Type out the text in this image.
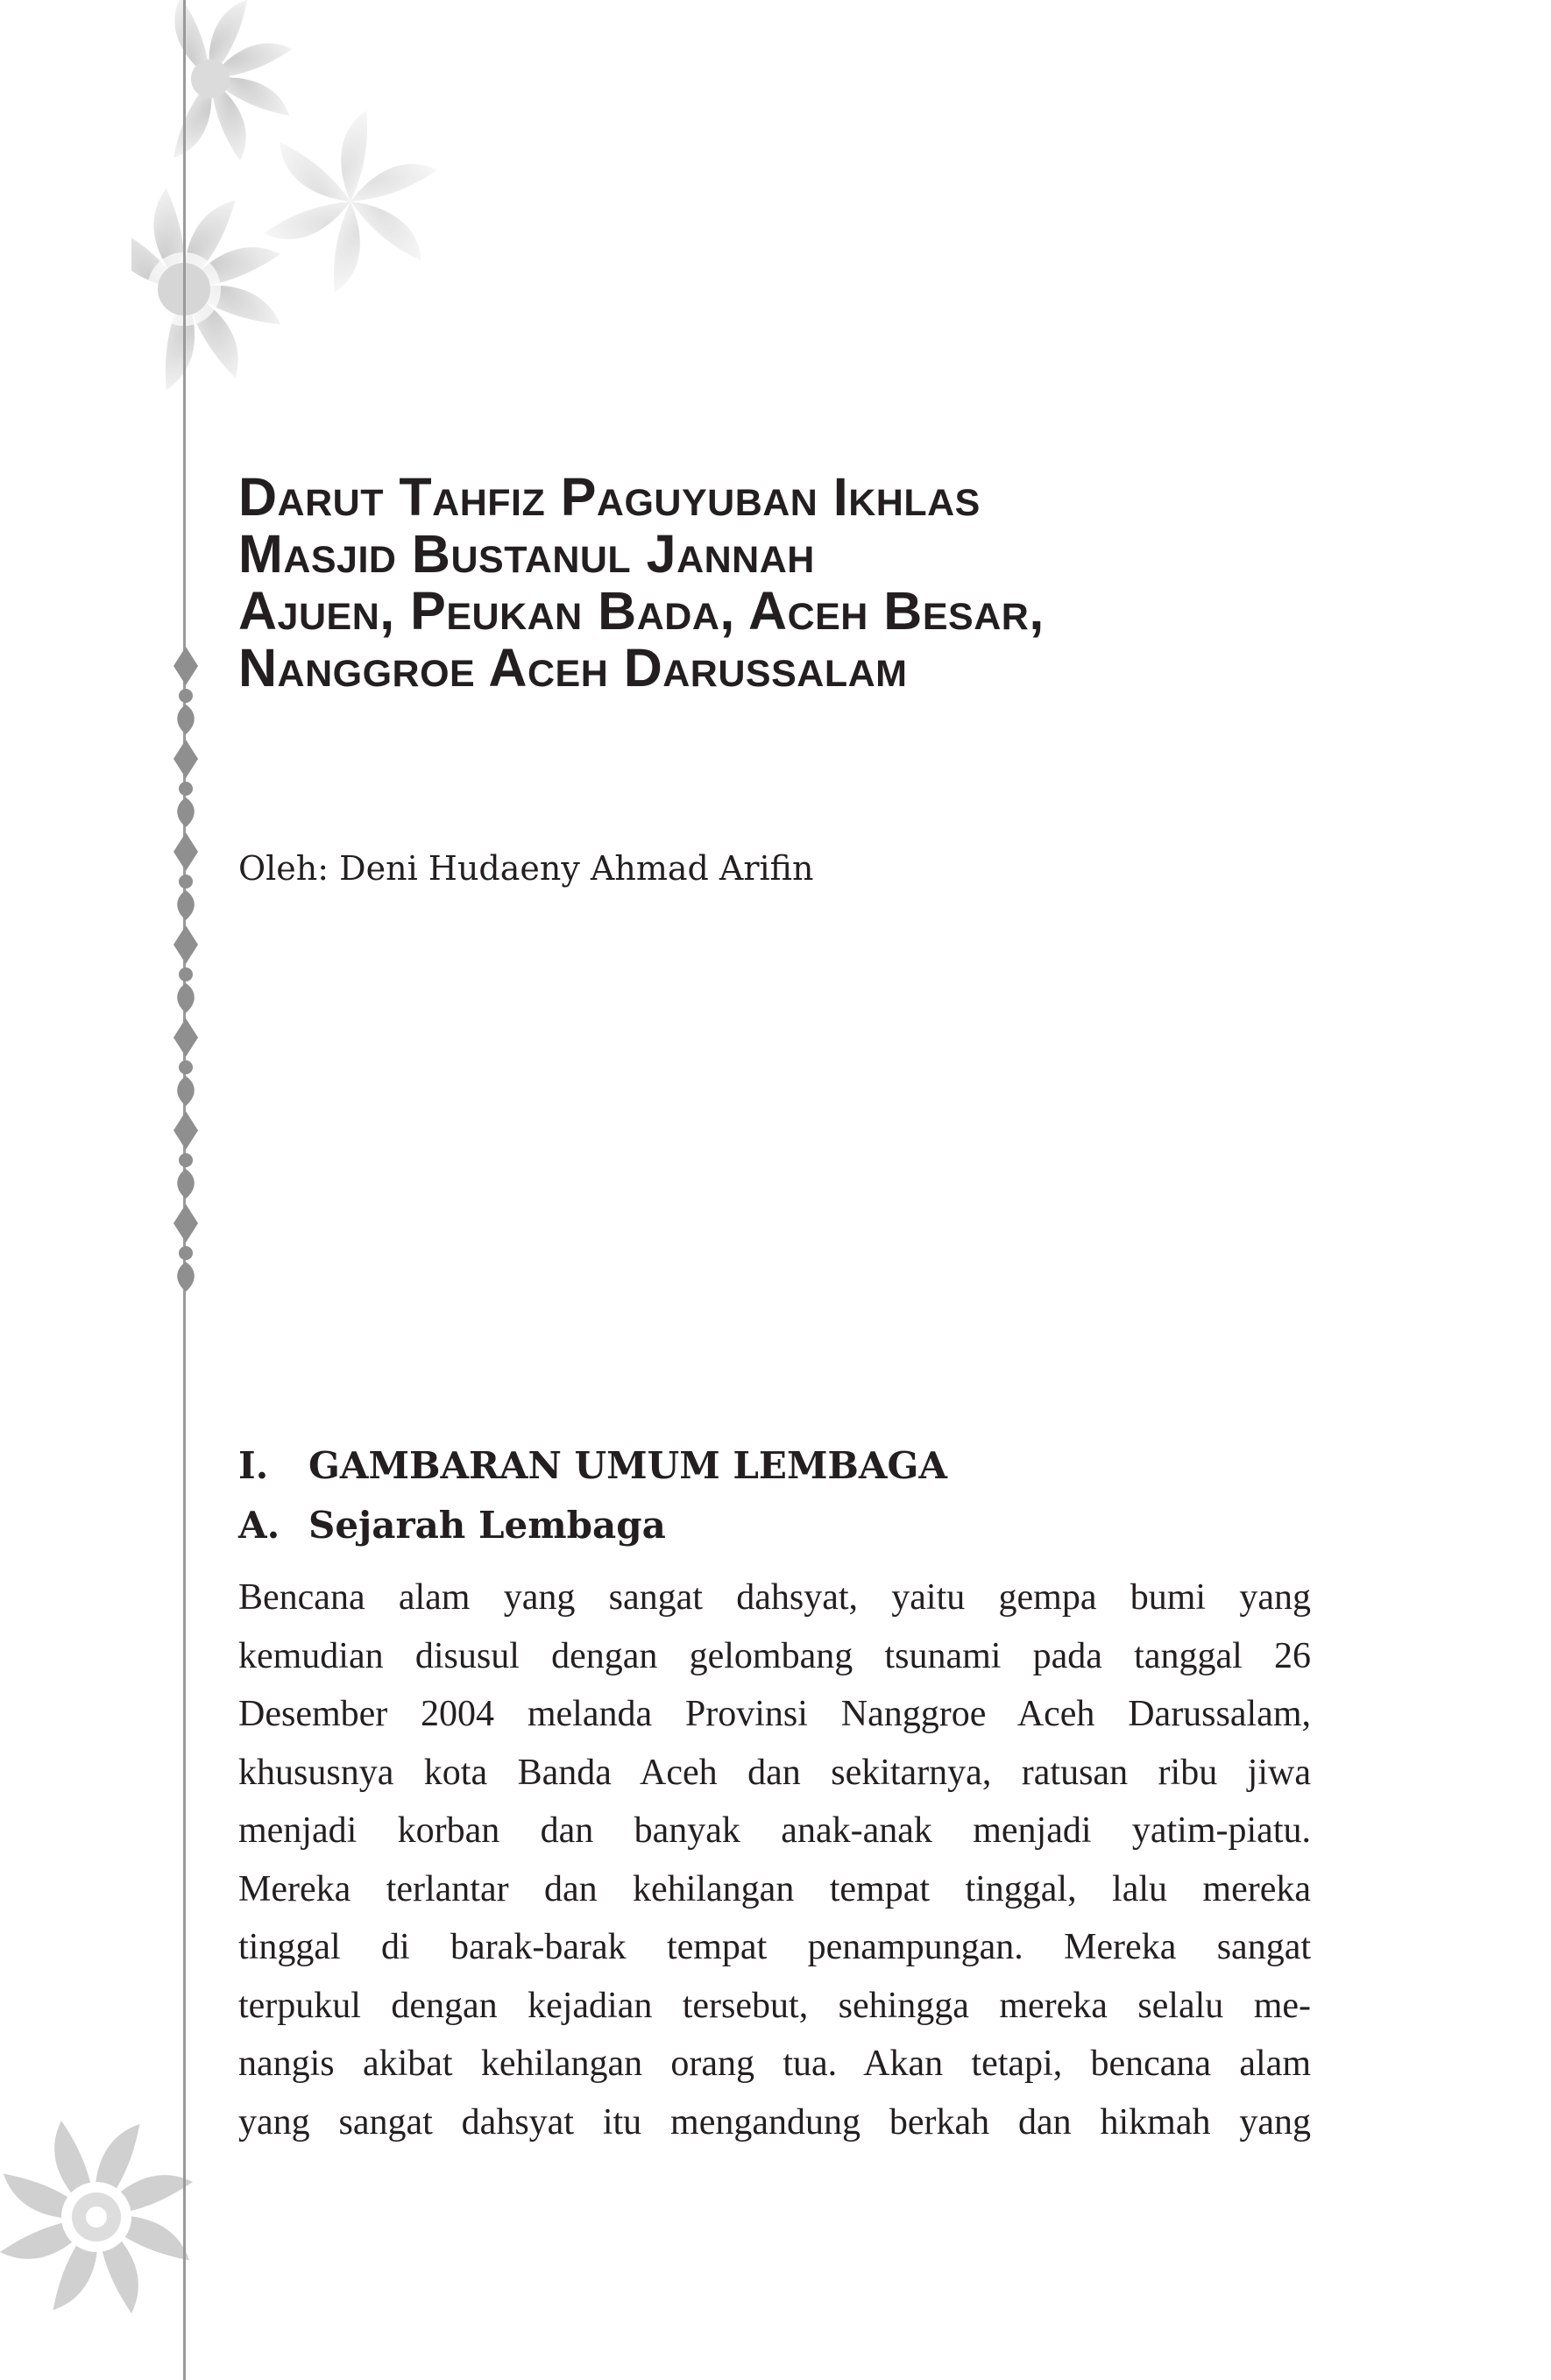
Darut Tahfiz Paguyuban Ikhlas
Masjid Bustanul Jannah
Ajuen, Peukan Bada, Aceh Besar,
Nanggroe Aceh Darussalam
Oleh: Deni Hudaeny Ahmad Arifin
I. GAMBARAN UMUM LEMBAGA
A. Sejarah Lembaga
Bencana alam yang sangat dahsyat, yaitu gempa bumi yang
kemudian disusul dengan gelombang tsunami pada tanggal 26
Desember 2004 melanda Provinsi Nanggroe Aceh Darussalam,
khususnya kota Banda Aceh dan sekitarnya, ratusan ribu jiwa
menjadi korban dan banyak anak-anak menjadi yatim-piatu.
Mereka terlantar dan kehilangan tempat tinggal, lalu mereka
tinggal di barak-barak tempat penampungan. Mereka sangat
terpukul dengan kejadian tersebut, sehingga mereka selalu me-
nangis akibat kehilangan orang tua. Akan tetapi, bencana alam
yang sangat dahsyat itu mengandung berkah dan hikmah yang
